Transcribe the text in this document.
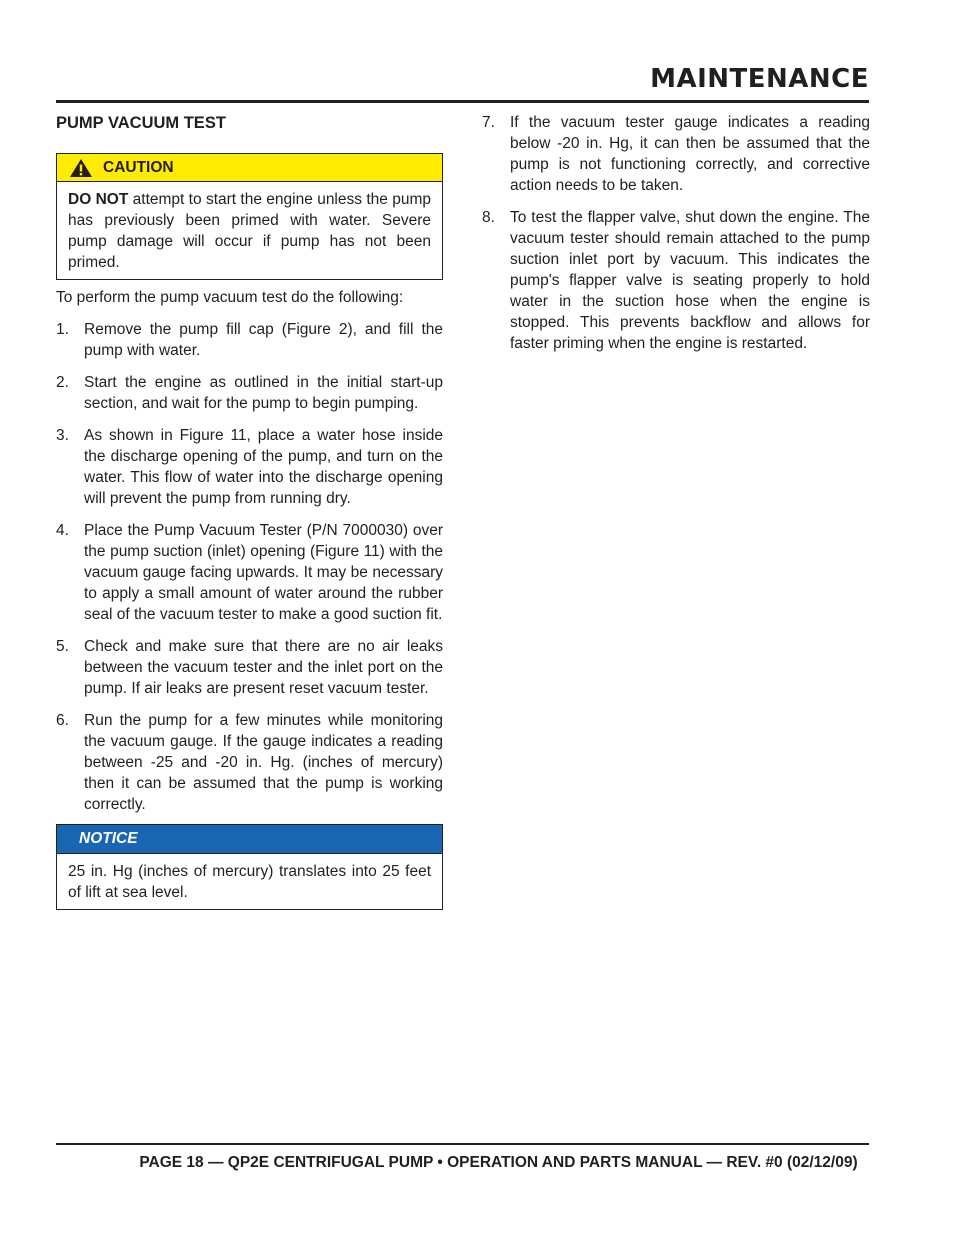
MAINTENANCE
PUMP VACUUM TEST
CAUTION
DO NOT attempt to start the engine unless the pump has previously been primed with water. Severe pump damage will occur if pump has not been primed.

To perform the pump vacuum test do the following:

1. Remove the pump fill cap (Figure 2), and fill the pump with water.
2. Start the engine as outlined in the initial start-up section, and wait for the pump to begin pumping.
3. As shown in Figure 11, place a water hose inside the discharge opening of the pump, and turn on the water. This flow of water into the discharge opening will prevent the pump from running dry.
4. Place the Pump Vacuum Tester (P/N 7000030) over the pump suction (inlet) opening (Figure 11) with the vacuum gauge facing upwards. It may be necessary to apply a small amount of water around the rubber seal of the vacuum tester to make a good suction fit.
5. Check and make sure that there are no air leaks between the vacuum tester and the inlet port on the pump. If air leaks are present reset vacuum tester.
6. Run the pump for a few minutes while monitoring the vacuum gauge. If the gauge indicates a reading between -25 and -20 in. Hg. (inches of mercury) then it can be assumed that the pump is working correctly.
NOTICE
25 in. Hg (inches of mercury) translates into 25 feet of lift at sea level.
7. If the vacuum tester gauge indicates a reading below -20 in. Hg, it can then be assumed that the pump is not functioning correctly, and corrective action needs to be taken.
8. To test the flapper valve, shut down the engine. The vacuum tester should remain attached to the pump suction inlet port by vacuum. This indicates the pump's flapper valve is seating properly to hold water in the suction hose when the engine is stopped. This prevents backflow and allows for faster priming when the engine is restarted.
PAGE 18 — QP2E CENTRIFUGAL PUMP • OPERATION AND PARTS MANUAL — REV. #0 (02/12/09)
